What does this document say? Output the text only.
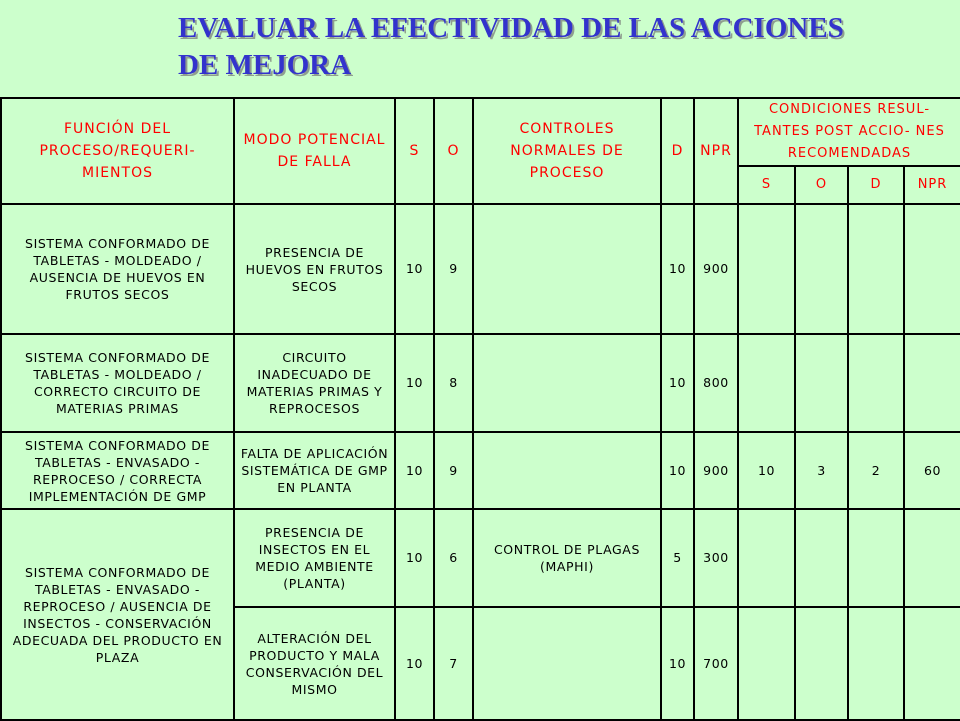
EVALUAR LA EFECTIVIDAD DE LAS ACCIONES
DE MEJORA
FUNCIÓN DEL PROCESO/REQUERI- MIENTOS	MODO POTENCIAL DE FALLA	S	O	CONTROLES NORMALES DE PROCESO	D	NPR	CONDICIONES RESUL- TANTES POST ACCIO- NES RECOMENDADAS			
							S	O	D	NPR
SISTEMA CONFORMADO DE TABLETAS - MOLDEADO / AUSENCIA DE HUEVOS EN FRUTOS SECOS	PRESENCIA DE HUEVOS EN FRUTOS SECOS	10	9		10	900				
SISTEMA CONFORMADO DE TABLETAS - MOLDEADO / CORRECTO CIRCUITO DE MATERIAS PRIMAS	CIRCUITO INADECUADO DE MATERIAS PRIMAS Y REPROCESOS	10	8		10	800				
SISTEMA CONFORMADO DE TABLETAS - ENVASADO - REPROCESO / CORRECTA IMPLEMENTACIÓN DE GMP	FALTA DE APLICACIÓN SISTEMÁTICA DE GMP EN PLANTA	10	9		10	900	10	3	2	60
SISTEMA CONFORMADO DE TABLETAS - ENVASADO - REPROCESO / AUSENCIA DE INSECTOS - CONSERVACIÓN ADECUADA DEL PRODUCTO EN PLAZA	PRESENCIA DE INSECTOS EN EL MEDIO AMBIENTE (PLANTA)	10	6	CONTROL DE PLAGAS (MAPHI)	5	300				
	ALTERACIÓN DEL PRODUCTO Y MALA CONSERVACIÓN DEL MISMO	10	7		10	700				
